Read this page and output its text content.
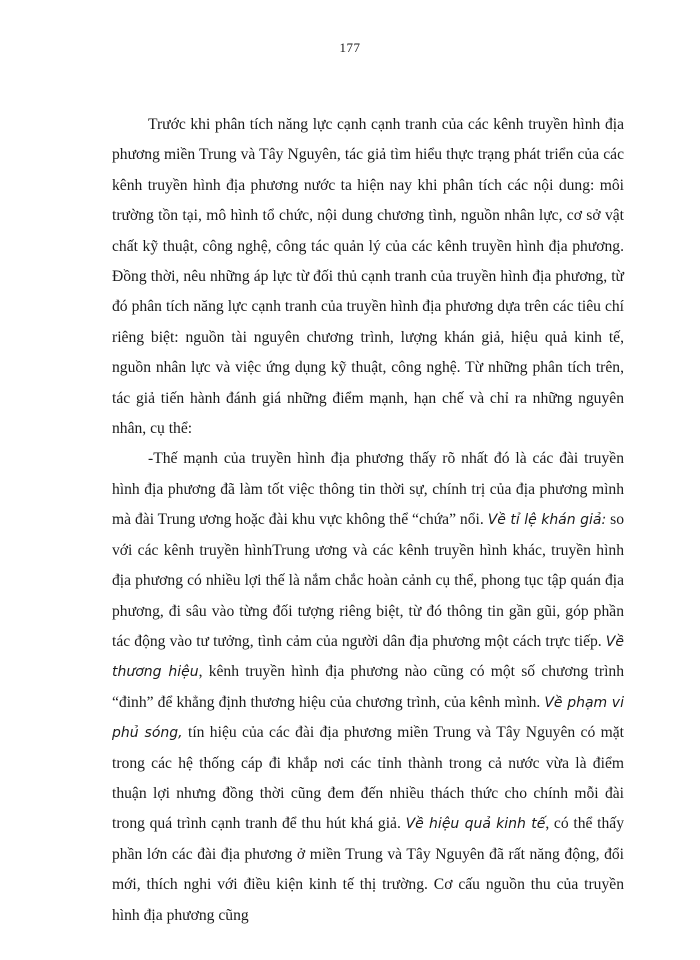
177

Trước khi phân tích năng lực cạnh cạnh tranh của các kênh truyền hình địa phương miền Trung và Tây Nguyên, tác giả tìm hiểu thực trạng phát triển của các kênh truyền hình địa phương nước ta hiện nay khi phân tích các nội dung: môi trường tồn tại, mô hình tổ chức, nội dung chương tình, nguồn nhân lực, cơ sở vật chất kỹ thuật, công nghệ, công tác quản lý của các kênh truyền hình địa phương. Đồng thời, nêu những áp lực từ đối thủ cạnh tranh của truyền hình địa phương, từ đó phân tích năng lực cạnh tranh của truyền hình địa phương dựa trên các tiêu chí riêng biệt: nguồn tài nguyên chương trình, lượng khán giả, hiệu quả kinh tế, nguồn nhân lực và việc ứng dụng kỹ thuật, công nghệ. Từ những phân tích trên, tác giả tiến hành đánh giá những điểm mạnh, hạn chế và chỉ ra những nguyên nhân, cụ thể:

-Thế mạnh của truyền hình địa phương thấy rõ nhất đó là các đài truyền hình địa phương đã làm tốt việc thông tin thời sự, chính trị của địa phương mình mà đài Trung ương hoặc đài khu vực không thể “chứa” nổi. Về tỉ lệ khán giả: so với các kênh truyền hìnhTrung ương và các kênh truyền hình khác, truyền hình địa phương có nhiều lợi thế là nắm chắc hoàn cảnh cụ thể, phong tục tập quán địa phương, đi sâu vào từng đối tượng riêng biệt, từ đó thông tin gần gũi, góp phần tác động vào tư tưởng, tình cảm của người dân địa phương một cách trực tiếp. Về thương hiệu, kênh truyền hình địa phương nào cũng có một số chương trình “đinh” để khẳng định thương hiệu của chương trình, của kênh mình. Về phạm vi phủ sóng, tín hiệu của các đài địa phương miền Trung và Tây Nguyên có mặt trong các hệ thống cáp đi khắp nơi các tỉnh thành trong cả nước vừa là điểm thuận lợi nhưng đồng thời cũng đem đến nhiều thách thức cho chính mỗi đài trong quá trình cạnh tranh để thu hút khá giả. Về hiệu quả kinh tế, có thể thấy phần lớn các đài địa phương ở miền Trung và Tây Nguyên đã rất năng động, đổi mới, thích nghi với điều kiện kinh tế thị trường. Cơ cấu nguồn thu của truyền hình địa phương cũng
